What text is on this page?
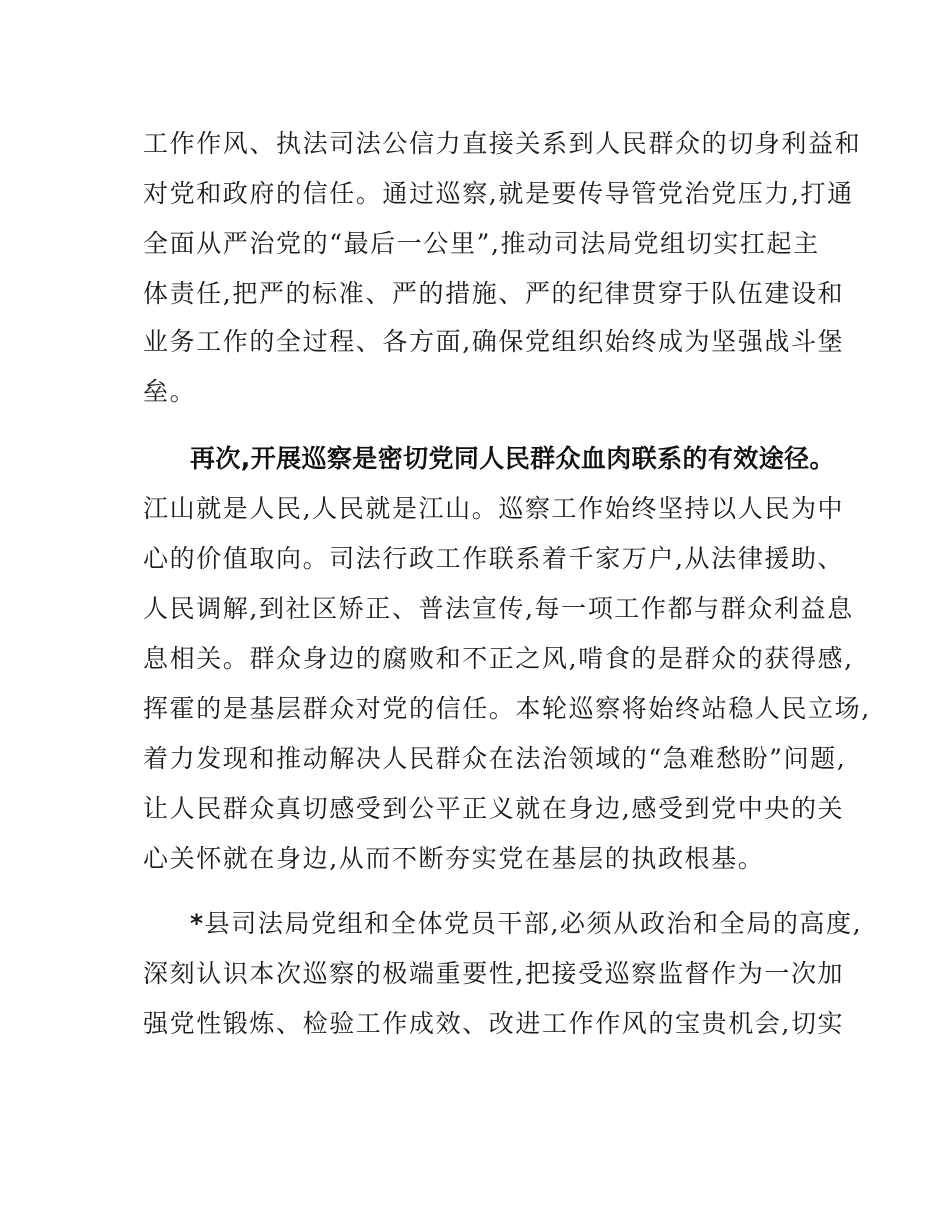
工作作风、执法司法公信力直接关系到人民群众的切身利益和
对党和政府的信任。通过巡察,就是要传导管党治党压力,打通
全面从严治党的“最后一公里”,推动司法局党组切实扛起主
体责任,把严的标准、严的措施、严的纪律贯穿于队伍建设和
业务工作的全过程、各方面,确保党组织始终成为坚强战斗堡
垒。
再次,开展巡察是密切党同人民群众血肉联系的有效途径。
江山就是人民,人民就是江山。巡察工作始终坚持以人民为中
心的价值取向。司法行政工作联系着千家万户,从法律援助、
人民调解,到社区矫正、普法宣传,每一项工作都与群众利益息
息相关。群众身边的腐败和不正之风,啃食的是群众的获得感,
挥霍的是基层群众对党的信任。本轮巡察将始终站稳人民立场,
着力发现和推动解决人民群众在法治领域的“急难愁盼”问题,
让人民群众真切感受到公平正义就在身边,感受到党中央的关
心关怀就在身边,从而不断夯实党在基层的执政根基。
*县司法局党组和全体党员干部,必须从政治和全局的高度,
深刻认识本次巡察的极端重要性,把接受巡察监督作为一次加
强党性锻炼、检验工作成效、改进工作作风的宝贵机会,切实
